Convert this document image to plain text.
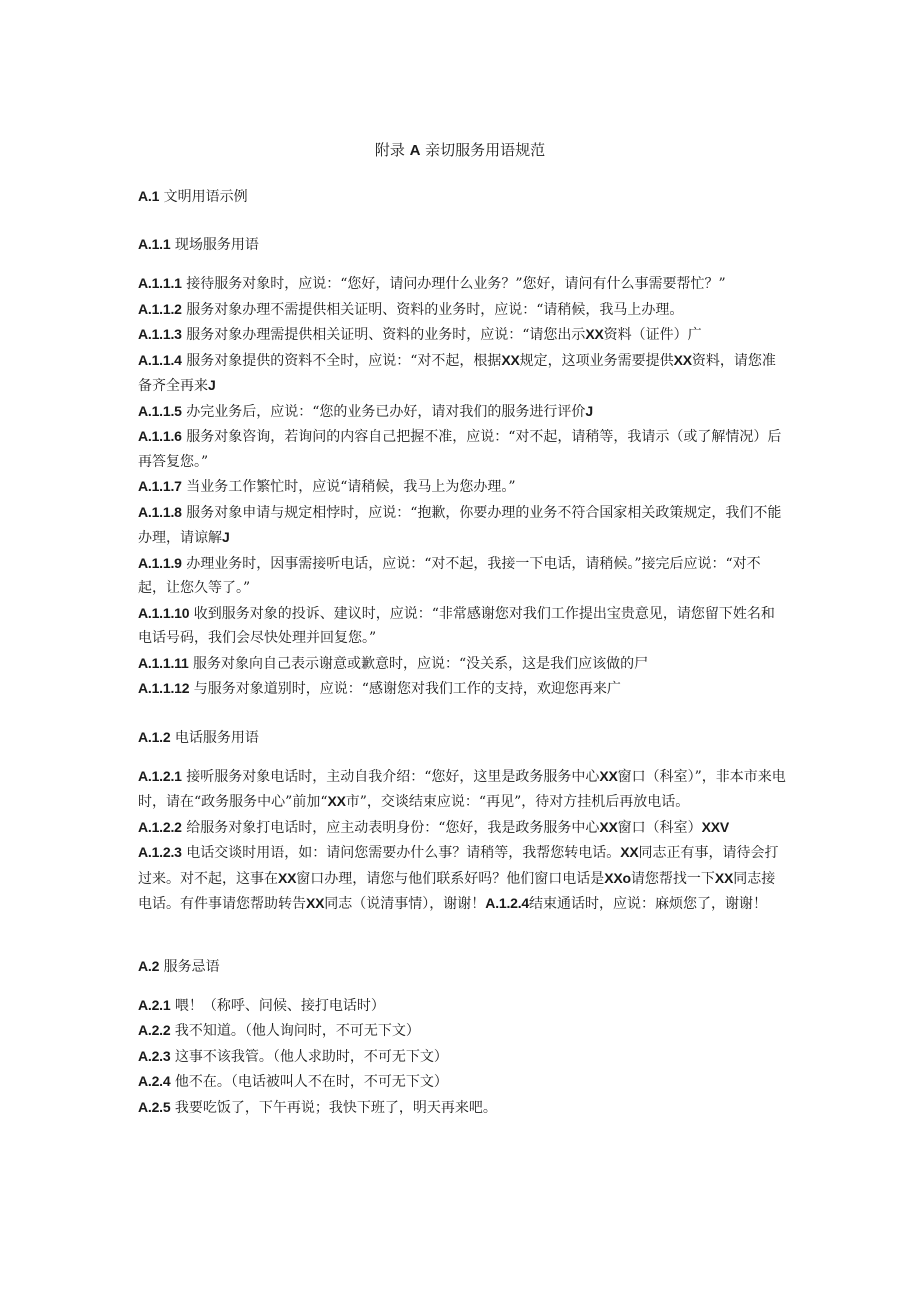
附录 A 亲切服务用语规范

A.1 文明用语示例

A.1.1 现场服务用语

A.1.1.1 接待服务对象时，应说：“您好，请问办理什么业务？”您好，请问有什么事需要帮忙？”

A.1.1.2 服务对象办理不需提供相关证明、资料的业务时，应说：“请稍候，我马上办理。

A.1.1.3 服务对象办理需提供相关证明、资料的业务时，应说：“请您出示XX资料（证件）广

A.1.1.4 服务对象提供的资料不全时，应说：“对不起，根据XX规定，这项业务需要提供XX资料，请您准备齐全再来J

A.1.1.5 办完业务后，应说：“您的业务已办好，请对我们的服务进行评价J

A.1.1.6 服务对象咨询，若询问的内容自己把握不准，应说：“对不起，请稍等，我请示（或了解情况）后再答复您。”

A.1.1.7 当业务工作繁忙时，应说“请稍候，我马上为您办理。”

A.1.1.8 服务对象申请与规定相悖时，应说：“抱歉，你要办理的业务不符合国家相关政策规定，我们不能办理，请谅解J

A.1.1.9 办理业务时，因事需接听电话，应说：“对不起，我接一下电话，请稍候。”接完后应说：“对不起，让您久等了。”

A.1.1.10 收到服务对象的投诉、建议时，应说：“非常感谢您对我们工作提出宝贵意见，请您留下姓名和电话号码，我们会尽快处理并回复您。”

A.1.1.11 服务对象向自己表示谢意或歉意时，应说：“没关系，这是我们应该做的尸

A.1.1.12 与服务对象道别时，应说：“感谢您对我们工作的支持，欢迎您再来广

A.1.2 电话服务用语

A.1.2.1 接听服务对象电话时，主动自我介绍：“您好，这里是政务服务中心XX窗口（科室）”，非本市来电时，请在“政务服务中心”前加“XX市”，交谈结束应说：“再见”，待对方挂机后再放电话。

A.1.2.2 给服务对象打电话时，应主动表明身份：“您好，我是政务服务中心XX窗口（科室）XXV

A.1.2.3 电话交谈时用语，如：请问您需要办什么事？请稍等，我帮您转电话。XX同志正有事，请待会打过来。对不起，这事在XX窗口办理，请您与他们联系好吗？他们窗口电话是XXo请您帮找一下XX同志接电话。有件事请您帮助转告XX同志（说清事情），谢谢！A.1.2.4结束通话时，应说：麻烦您了，谢谢！

A.2 服务忌语

A.2.1 喂！（称呼、问候、接打电话时）

A.2.2 我不知道。（他人询问时，不可无下文）

A.2.3 这事不该我管。（他人求助时，不可无下文）

A.2.4 他不在。（电话被叫人不在时，不可无下文）

A.2.5 我要吃饭了，下午再说；我快下班了，明天再来吧。
